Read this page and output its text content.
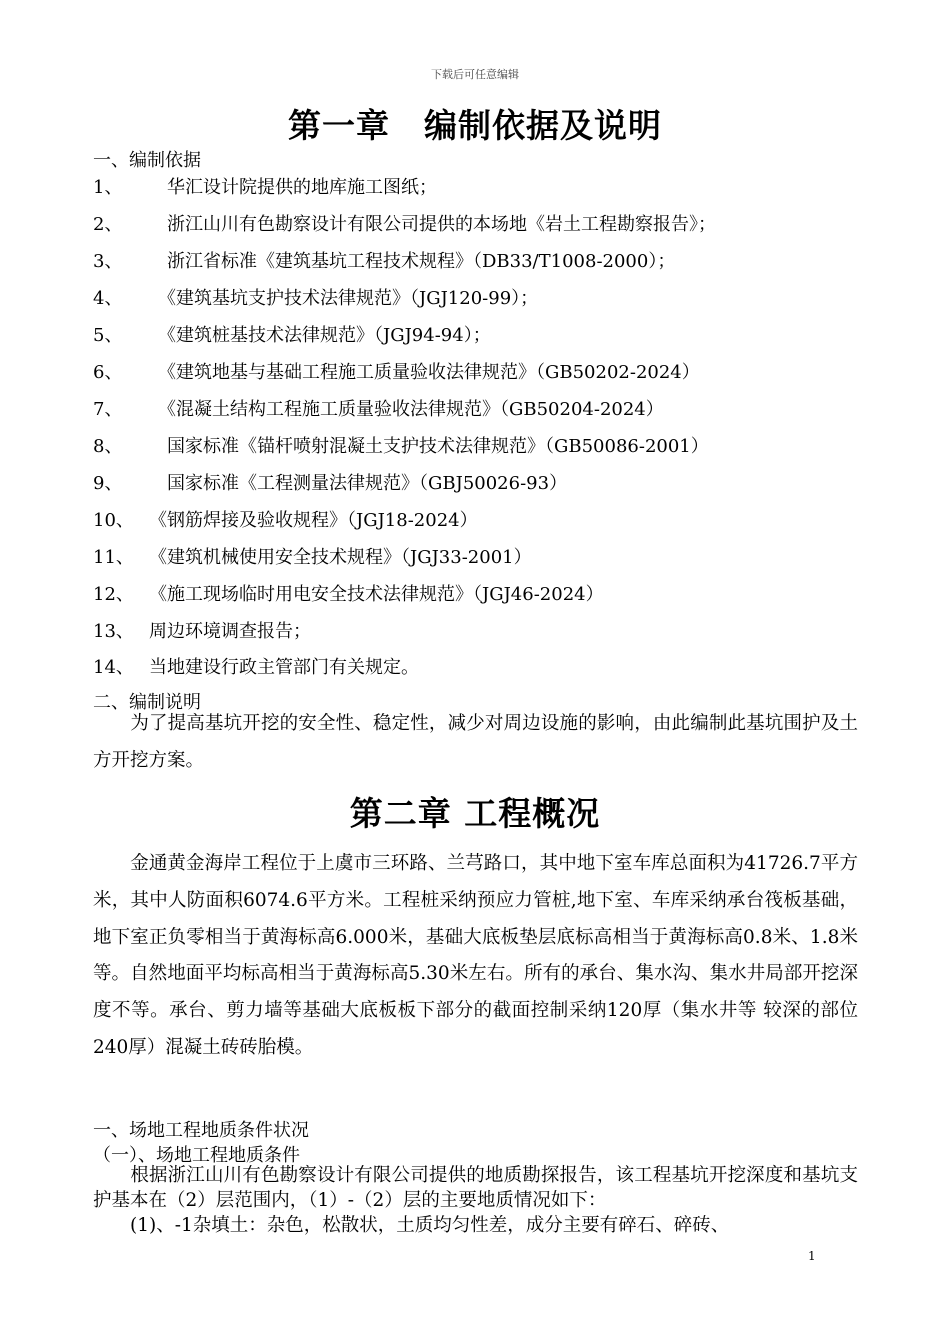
下载后可任意编辑
第一章　编制依据及说明
一、编制依据
1、　华汇设计院提供的地库施工图纸；
2、　浙江山川有色勘察设计有限公司提供的本场地《岩土工程勘察报告》；
3、　浙江省标准《建筑基坑工程技术规程》（DB33/T1008-2000）；
4、　《建筑基坑支护技术法律规范》（JGJ120-99）；
5、　《建筑桩基技术法律规范》（JGJ94-94）；
6、　《建筑地基与基础工程施工质量验收法律规范》（GB50202-2024）
7、　《混凝土结构工程施工质量验收法律规范》（GB50204-2024）
8、　国家标准《锚杆喷射混凝土支护技术法律规范》（GB50086-2001）
9、　国家标准《工程测量法律规范》（GBJ50026-93）
10、 《钢筋焊接及验收规程》（JGJ18-2024）
11、 《建筑机械使用安全技术规程》（JGJ33-2001）
12、 《施工现场临时用电安全技术法律规范》（JGJ46-2024）
13、 周边环境调查报告；
14、 当地建设行政主管部门有关规定。
二、编制说明
　　为了提高基坑开挖的安全性、稳定性，减少对周边设施的影响，由此编制此基坑围护及土方开挖方案。
第二章 工程概况
　　金通黄金海岸工程位于上虞市三环路、兰芎路口，其中地下室车库总面积为41726.7平方米，其中人防面积6074.6平方米。工程桩采纳预应力管桩,地下室、车库采纳承台筏板基础，地下室正负零相当于黄海标高6.000米，基础大底板垫层底标高相当于黄海标高0.8米、1.8米等。自然地面平均标高相当于黄海标高5.30米左右。所有的承台、集水沟、集水井局部开挖深度不等。承台、剪力墙等基础大底板板下部分的截面控制采纳120厚（集水井等 较深的部位240厚）混凝土砖砖胎模。
一、场地工程地质条件状况
（一）、场地工程地质条件
　　根据浙江山川有色勘察设计有限公司提供的地质勘探报告，该工程基坑开挖深度和基坑支护基本在（2）层范围内，（1）-（2）层的主要地质情况如下：
　　(1)、-1杂填土：杂色，松散状，土质均匀性差，成分主要有碎石、碎砖、
1
